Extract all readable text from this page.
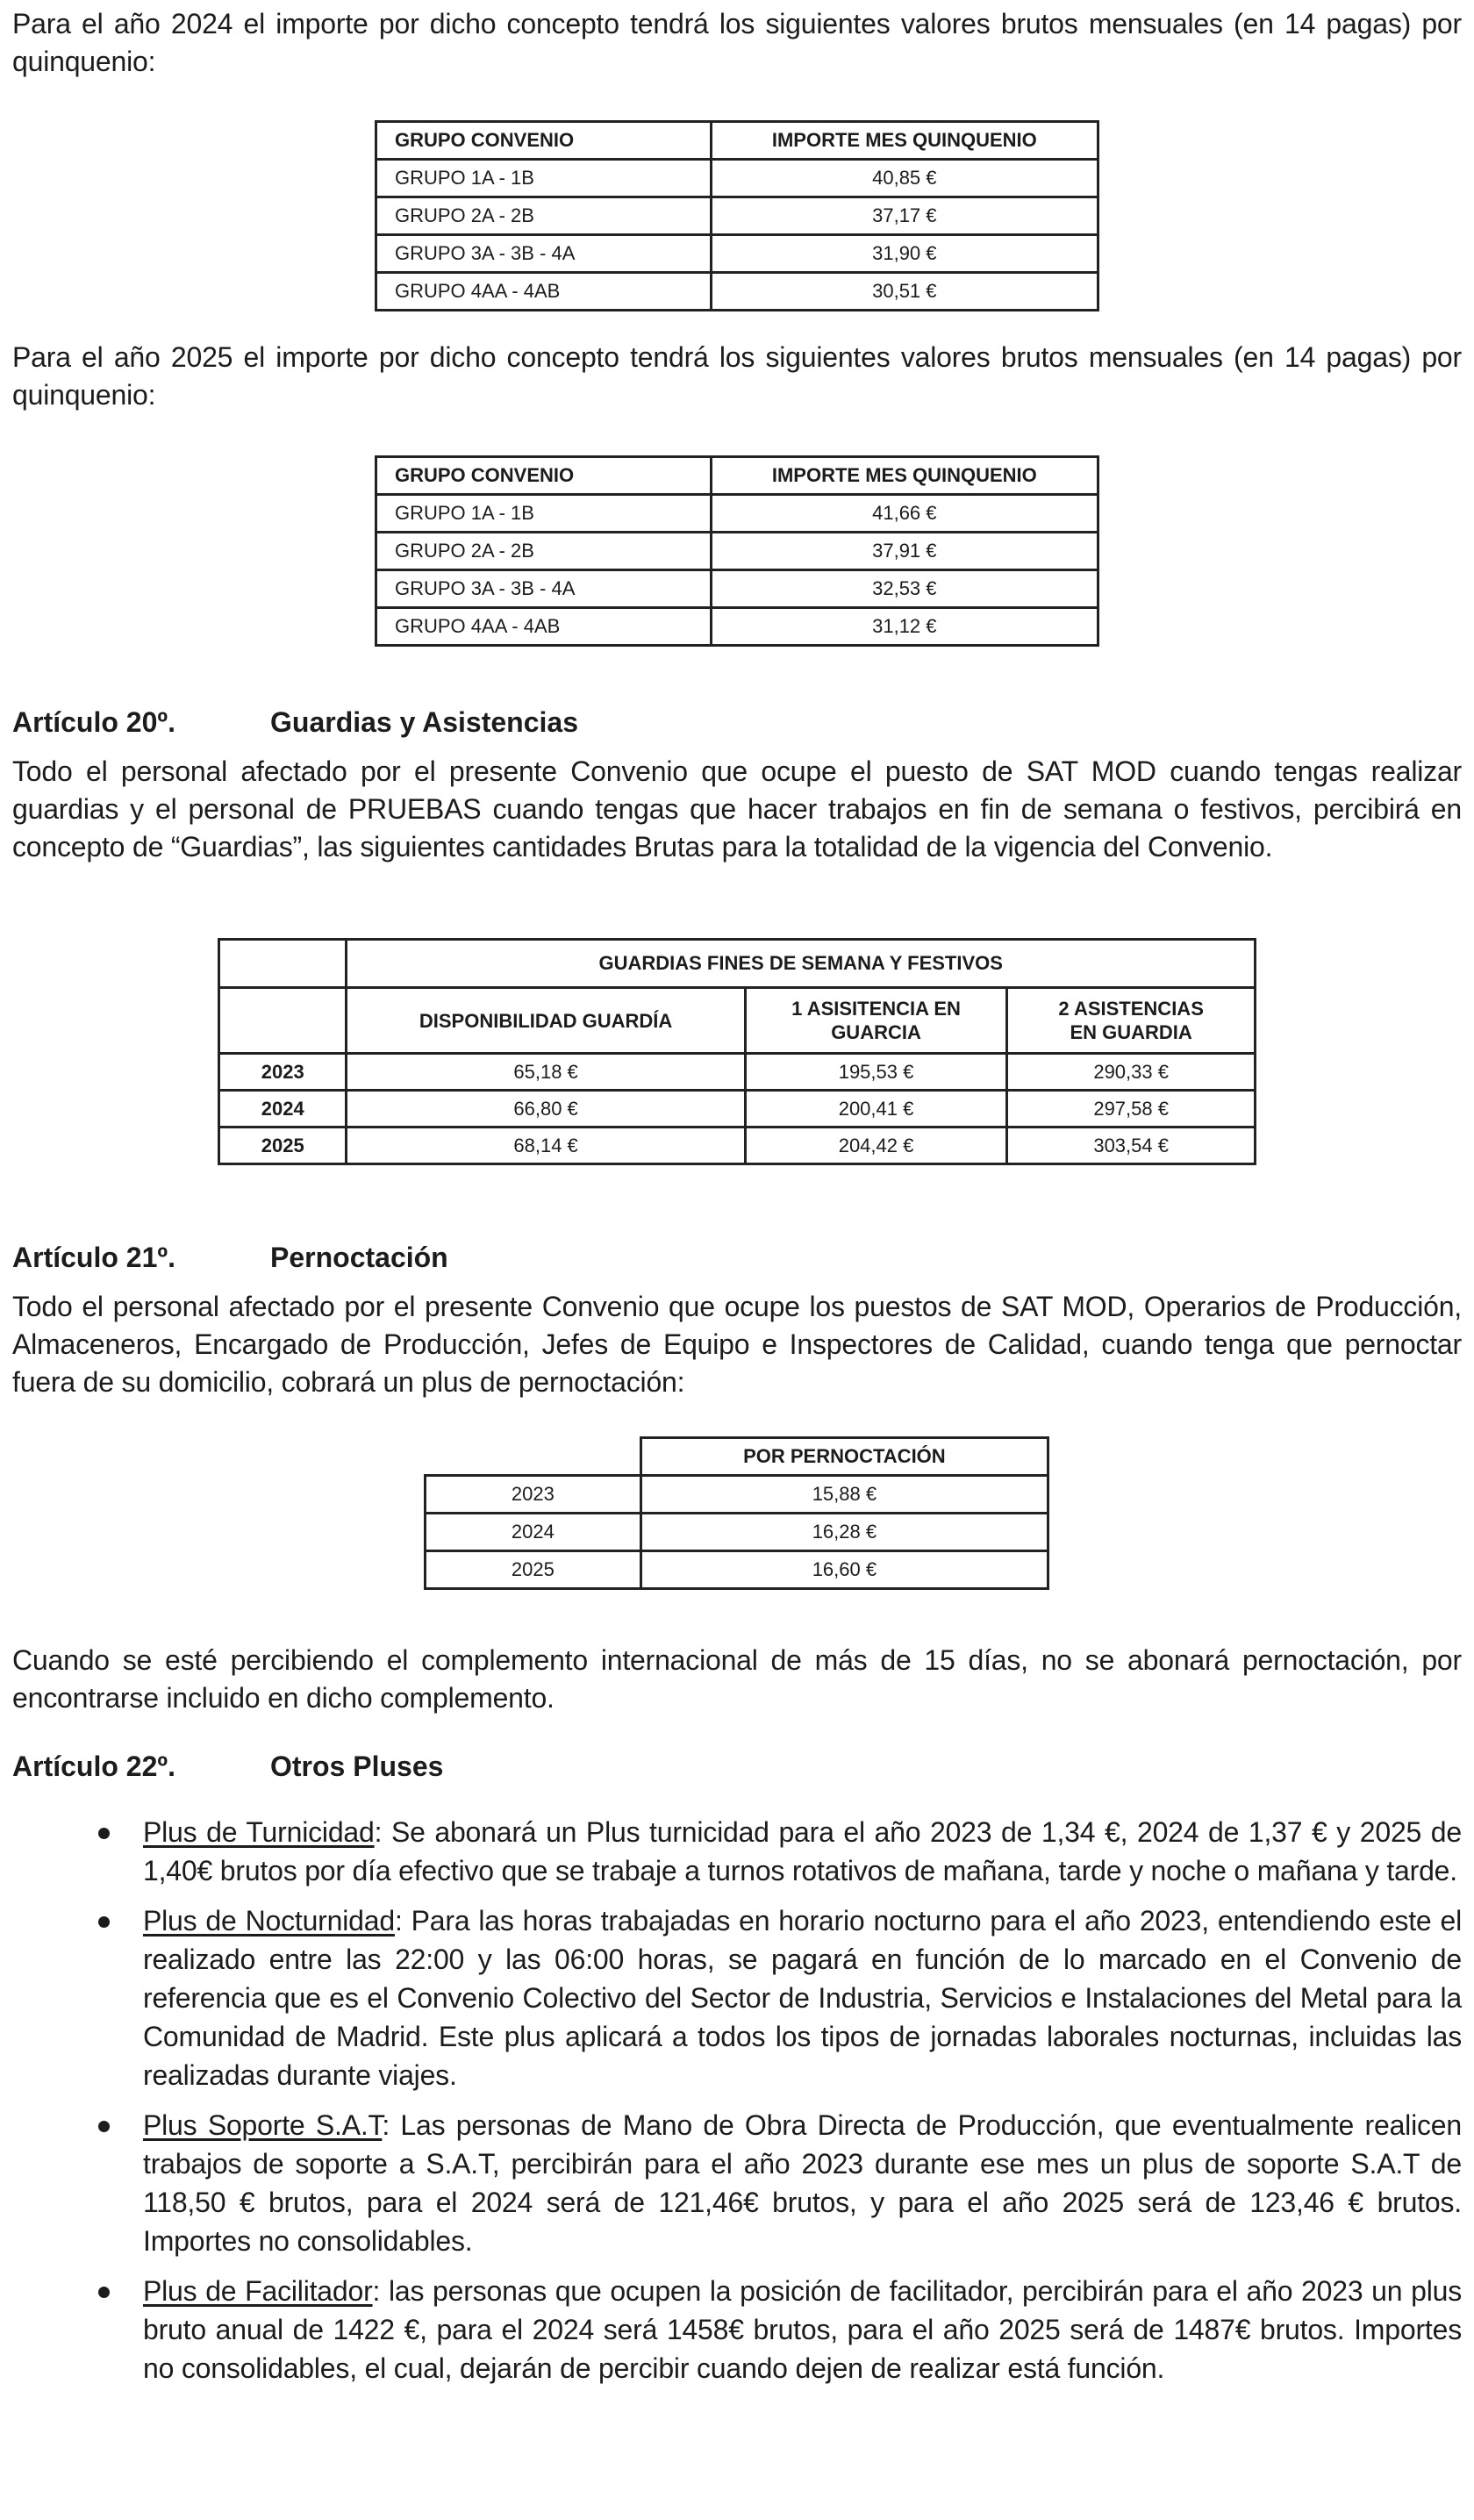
Para el año 2024 el importe por dicho concepto tendrá los siguientes valores brutos mensuales (en 14 pagas) por quinquenio:

GRUPO CONVENIO	IMPORTE MES QUINQUENIO
GRUPO 1A - 1B	40,85 €
GRUPO 2A - 2B	37,17 €
GRUPO 3A - 3B - 4A	31,90 €
GRUPO 4AA - 4AB	30,51 €

Para el año 2025 el importe por dicho concepto tendrá los siguientes valores brutos mensuales (en 14 pagas) por quinquenio:

GRUPO CONVENIO	IMPORTE MES QUINQUENIO
GRUPO 1A - 1B	41,66 €
GRUPO 2A - 2B	37,91 €
GRUPO 3A - 3B - 4A	32,53 €
GRUPO 4AA - 4AB	31,12 €
Artículo 20º.	Guardias y Asistencias

Todo el personal afectado por el presente Convenio que ocupe el puesto de SAT MOD cuando tengas realizar guardias y el personal de PRUEBAS cuando tengas que hacer trabajos en fin de semana o festivos, percibirá en concepto de “Guardias”, las siguientes cantidades Brutas para la totalidad de la vigencia del Convenio.

	GUARDIAS FINES DE SEMANA Y FESTIVOS		
	DISPONIBILIDAD GUARDÍA	1 ASISITENCIA EN GUARCIA	2 ASISTENCIAS EN GUARDIA
2023	65,18 €	195,53 €	290,33 €
2024	66,80 €	200,41 €	297,58 €
2025	68,14 €	204,42 €	303,54 €
Artículo 21º.	Pernoctación

Todo el personal afectado por el presente Convenio que ocupe los puestos de SAT MOD, Operarios de Producción, Almaceneros, Encargado de Producción, Jefes de Equipo e Inspectores de Calidad, cuando tenga que pernoctar fuera de su domicilio, cobrará un plus de pernoctación:

	POR PERNOCTACIÓN
2023	15,88 €
2024	16,28 €
2025	16,60 €

Cuando se esté percibiendo el complemento internacional de más de 15 días, no se abonará pernoctación, por encontrarse incluido en dicho complemento.

Artículo 22º.	Otros Pluses
Plus de Turnicidad: Se abonará un Plus turnicidad para el año 2023 de 1,34 €, 2024 de 1,37 € y 2025 de 1,40€ brutos por día efectivo que se trabaje a turnos rotativos de mañana, tarde y noche o mañana y tarde.
Plus de Nocturnidad: Para las horas trabajadas en horario nocturno para el año 2023, entendiendo este el realizado entre las 22:00 y las 06:00 horas, se pagará en función de lo marcado en el Convenio de referencia que es el Convenio Colectivo del Sector de Industria, Servicios e Instalaciones del Metal para la Comunidad de Madrid. Este plus aplicará a todos los tipos de jornadas laborales nocturnas, incluidas las realizadas durante viajes.
Plus Soporte S.A.T: Las personas de Mano de Obra Directa de Producción, que eventualmente realicen trabajos de soporte a S.A.T, percibirán para el año 2023 durante ese mes un plus de soporte S.A.T de 118,50 € brutos, para el 2024 será de 121,46€ brutos, y para el año 2025 será de 123,46 € brutos. Importes no consolidables.
Plus de Facilitador: las personas que ocupen la posición de facilitador, percibirán para el año 2023 un plus bruto anual de 1422 €, para el 2024 será 1458€ brutos, para el año 2025 será de 1487€ brutos. Importes no consolidables, el cual, dejarán de percibir cuando dejen de realizar está función.
